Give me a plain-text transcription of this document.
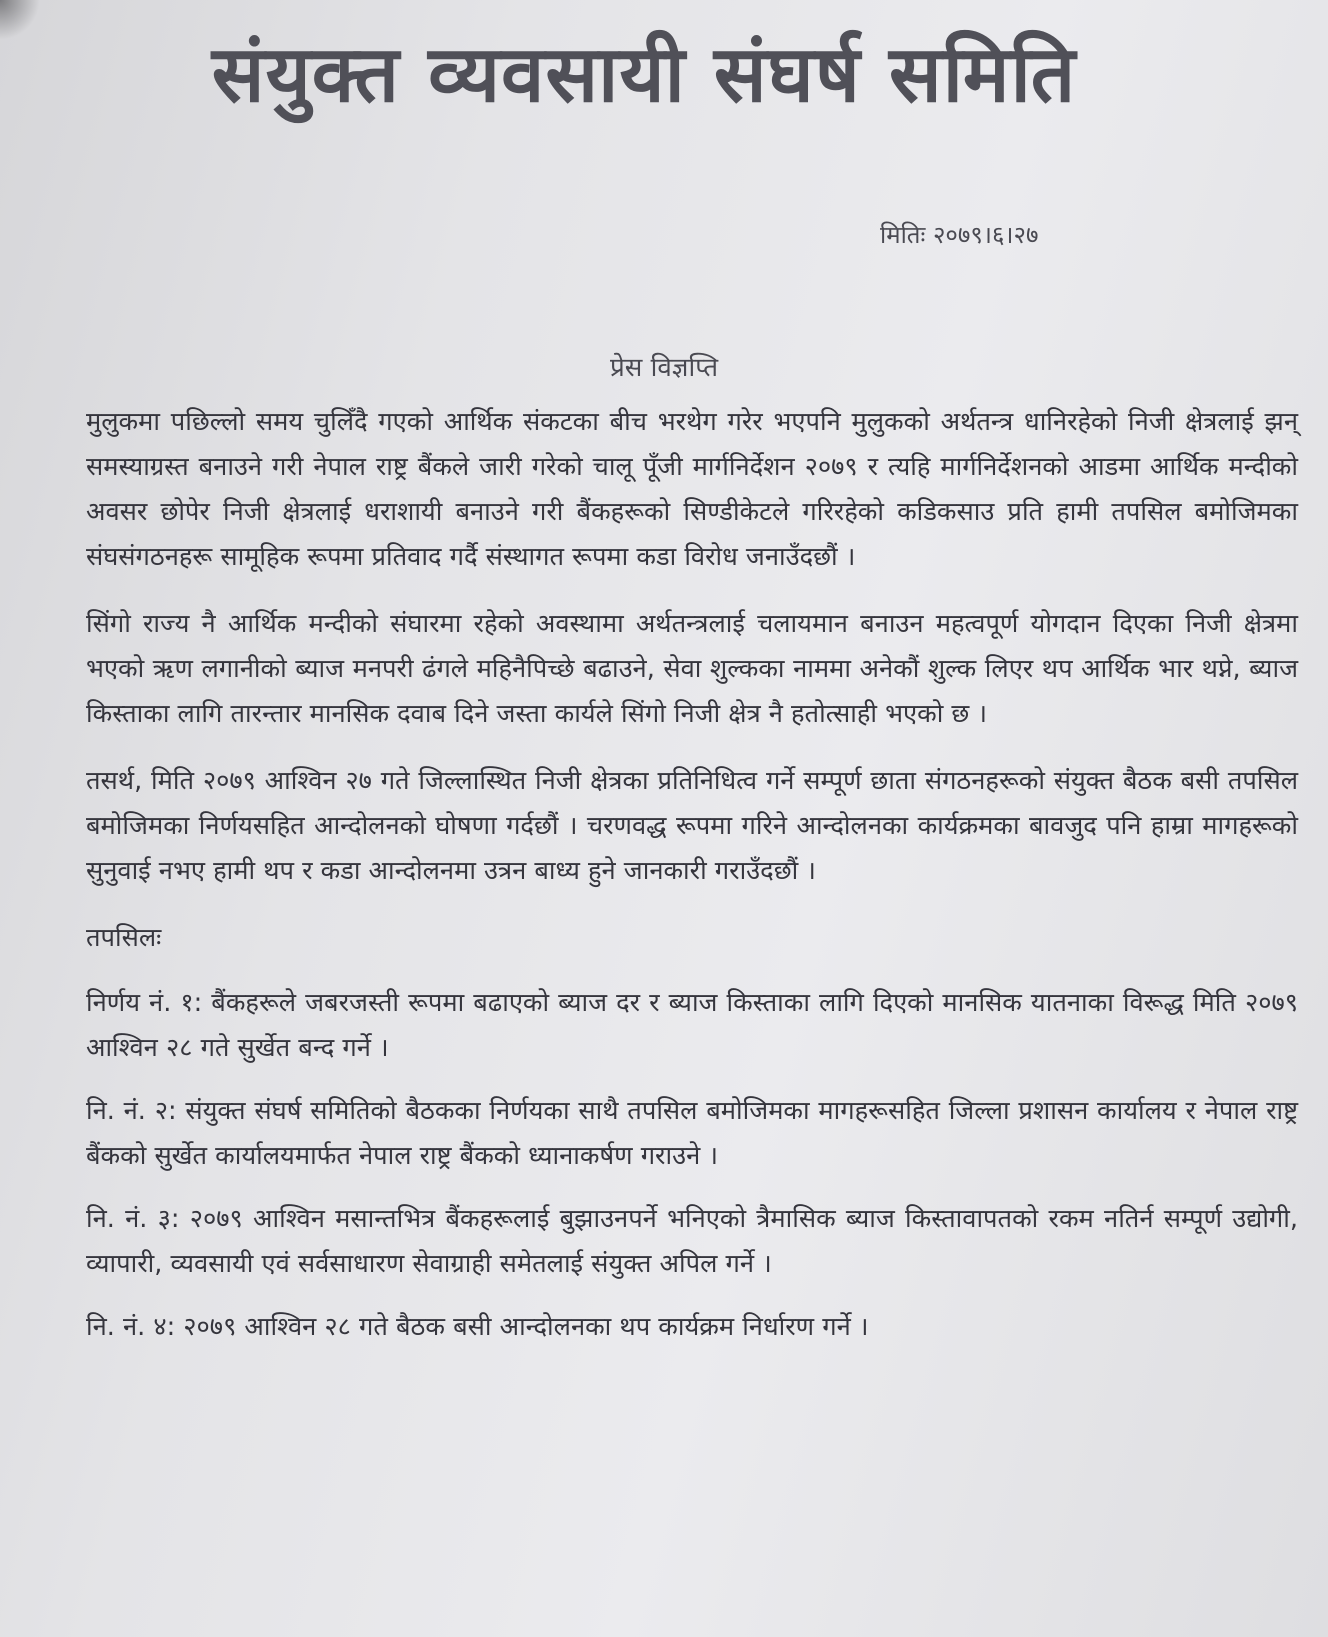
संयुक्त व्यवसायी संघर्ष समिति
मितिः २०७९।६।२७
प्रेस विज्ञप्ति

मुलुकमा पछिल्लो समय चुलिँदै गएको आर्थिक संकटका बीच भरथेग गरेर भएपनि मुलुकको अर्थतन्त्र धानिरहेको निजी क्षेत्रलाई झन् समस्याग्रस्त बनाउने गरी नेपाल राष्ट्र बैंकले जारी गरेको चालू पूँजी मार्गनिर्देशन २०७९ र त्यहि मार्गनिर्देशनको आडमा आर्थिक मन्दीको अवसर छोपेर निजी क्षेत्रलाई धराशायी बनाउने गरी बैंकहरूको सिण्डीकेटले गरिरहेको कडिकसाउ प्रति हामी तपसिल बमोजिमका संघसंगठनहरू सामूहिक रूपमा प्रतिवाद गर्दै संस्थागत रूपमा कडा विरोध जनाउँदछौं ।

सिंगो राज्य नै आर्थिक मन्दीको संघारमा रहेको अवस्थामा अर्थतन्त्रलाई चलायमान बनाउन महत्वपूर्ण योगदान दिएका निजी क्षेत्रमा भएको ऋण लगानीको ब्याज मनपरी ढंगले महिनैपिच्छे बढाउने, सेवा शुल्कका नाममा अनेकौं शुल्क लिएर थप आर्थिक भार थप्ने, ब्याज किस्ताका लागि तारन्तार मानसिक दवाब दिने जस्ता कार्यले सिंगो निजी क्षेत्र नै हतोत्साही भएको छ ।

तसर्थ, मिति २०७९ आश्विन २७ गते जिल्लास्थित निजी क्षेत्रका प्रतिनिधित्व गर्ने सम्पूर्ण छाता संगठनहरूको संयुक्त बैठक बसी तपसिल बमोजिमका निर्णयसहित आन्दोलनको घोषणा गर्दछौं । चरणवद्ध रूपमा गरिने आन्दोलनका कार्यक्रमका बावजुद पनि हाम्रा मागहरूको सुनुवाई नभए हामी थप र कडा आन्दोलनमा उत्रन बाध्य हुने जानकारी गराउँदछौं ।

तपसिलः

निर्णय नं. १: बैंकहरूले जबरजस्ती रूपमा बढाएको ब्याज दर र ब्याज किस्ताका लागि दिएको मानसिक यातनाका विरूद्ध मिति २०७९ आश्विन २८ गते सुर्खेत बन्द गर्ने ।

नि. नं. २: संयुक्त संघर्ष समितिको बैठकका निर्णयका साथै तपसिल बमोजिमका मागहरूसहित जिल्ला प्रशासन कार्यालय र नेपाल राष्ट्र बैंकको सुर्खेत कार्यालयमार्फत नेपाल राष्ट्र बैंकको ध्यानाकर्षण गराउने ।

नि. नं. ३: २०७९ आश्विन मसान्तभित्र बैंकहरूलाई बुझाउनपर्ने भनिएको त्रैमासिक ब्याज किस्तावापतको रकम नतिर्न सम्पूर्ण उद्योगी, व्यापारी, व्यवसायी एवं सर्वसाधारण सेवाग्राही समेतलाई संयुक्त अपिल गर्ने ।

नि. नं. ४: २०७९ आश्विन २८ गते बैठक बसी आन्दोलनका थप कार्यक्रम निर्धारण गर्ने ।
